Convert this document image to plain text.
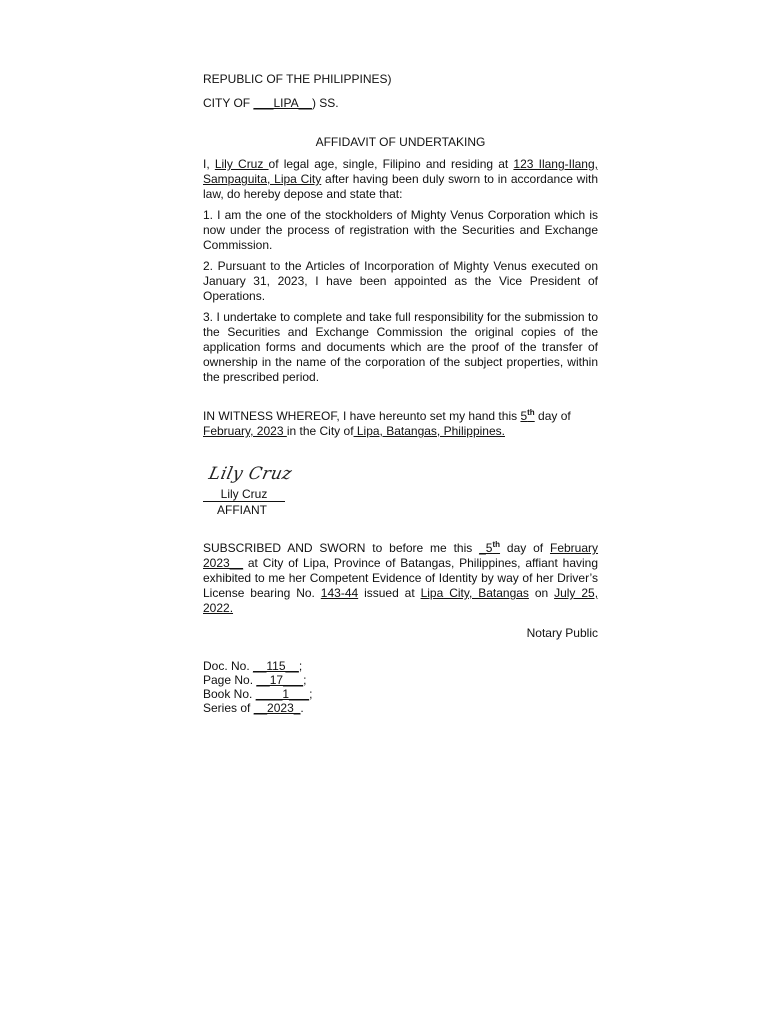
REPUBLIC OF THE PHILIPPINES)

CITY OF ___LIPA__) SS.

AFFIDAVIT OF UNDERTAKING

I, Lily Cruz of legal age, single, Filipino and residing at 123 Ilang-Ilang, Sampaguita, Lipa City after having been duly sworn to in accordance with law, do hereby depose and state that:

1. I am the one of the stockholders of Mighty Venus Corporation which is now under the process of registration with the Securities and Exchange Commission.

2. Pursuant to the Articles of Incorporation of Mighty Venus executed on January 31, 2023, I have been appointed as the Vice President of Operations.

3. I undertake to complete and take full responsibility for the submission to the Securities and Exchange Commission the original copies of the application forms and documents which are the proof of the transfer of ownership in the name of the corporation of the subject properties, within the prescribed period.

IN WITNESS WHEREOF, I have hereunto set my hand this 5th day of February, 2023 in the City of Lipa, Batangas, Philippines.

Lily Cruz
Lily Cruz
AFFIANT

SUBSCRIBED AND SWORN to before me this _5th day of February 2023__ at City of Lipa, Province of Batangas, Philippines, affiant having exhibited to me her Competent Evidence of Identity by way of her Driver’s License bearing No. 143-44 issued at Lipa City, Batangas on July 25, 2022.

Notary Public

Doc. No. __115__;

Page No. __17___;

Book No. ____1___;

Series of __2023_.
